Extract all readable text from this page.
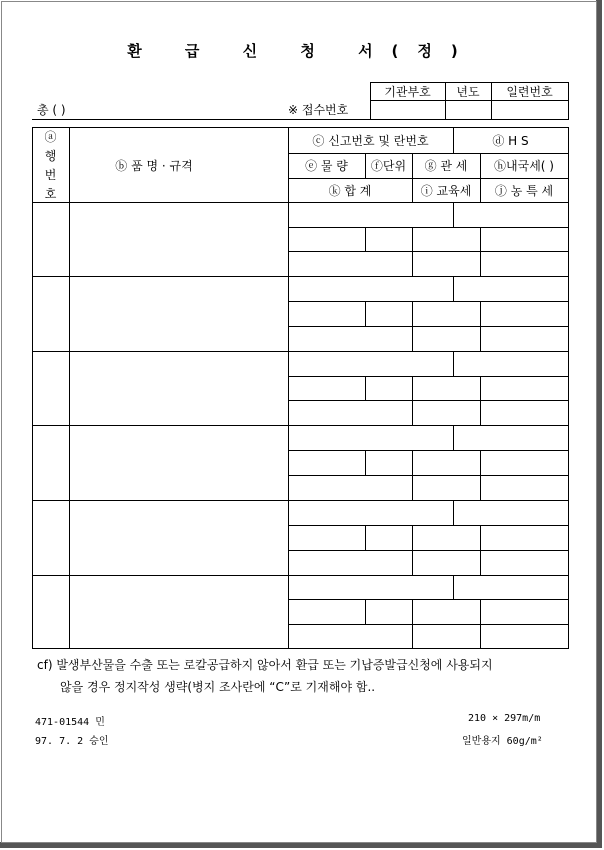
환 급 신 청 서(정)
총 ( )	※ 접수번호
기관부호	년도	일련번호
ⓐ
행
번
호
ⓑ 품 명 · 규격
ⓒ 신고번호 및 란번호	ⓓ H S
ⓔ 물 량	ⓕ단위	ⓖ 관 세	ⓗ내국세( )
ⓚ 합 계	ⓘ 교육세	ⓙ 농 특 세
cf) 발생부산물을 수출 또는 로칼공급하지 않아서 환급 또는 기납증발급신청에 사용되지
않을 경우 정지작성 생략(병지 조사란에 “C”로 기재해야 함..
471-01544 민
97. 7. 2 승인
210 × 297m/m
일반용지 60g/m²
